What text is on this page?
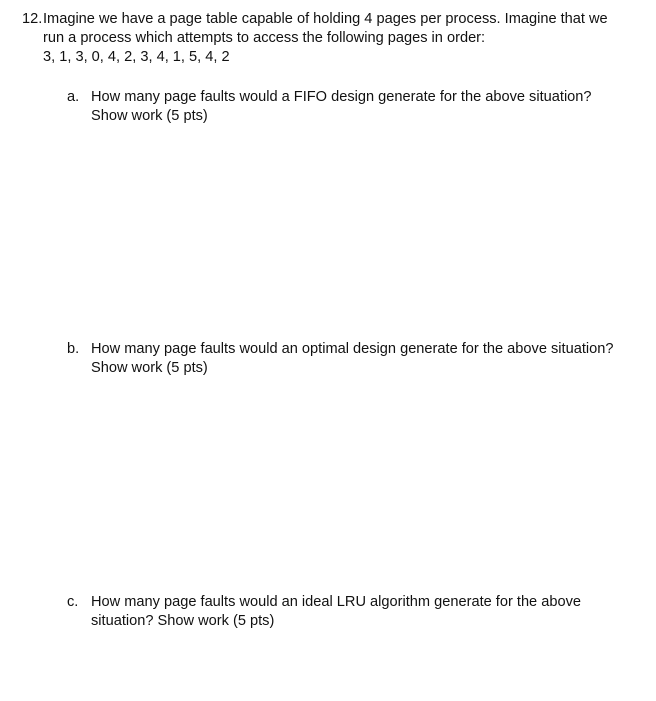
12. Imagine we have a page table capable of holding 4 pages per process. Imagine that we
run a process which attempts to access the following pages in order:
3, 1, 3, 0, 4, 2, 3, 4, 1, 5, 4, 2
a. How many page faults would a FIFO design generate for the above situation?
Show work (5 pts)
b. How many page faults would an optimal design generate for the above situation?
Show work (5 pts)
c. How many page faults would an ideal LRU algorithm generate for the above
situation? Show work (5 pts)
